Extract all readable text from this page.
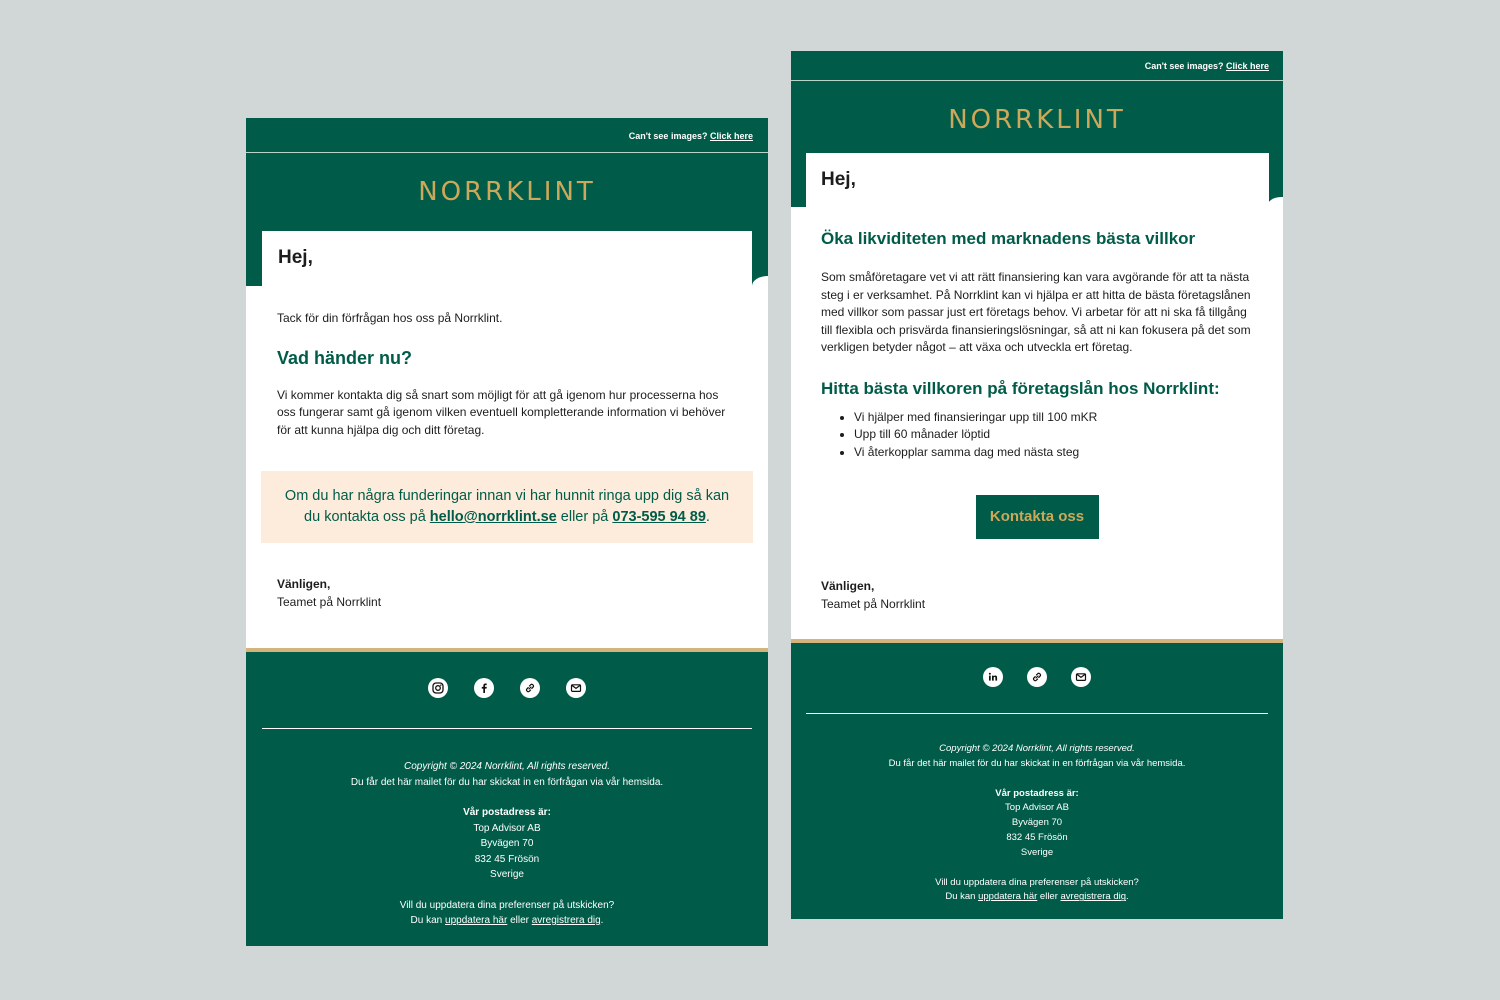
Can't see images? Click here
NORRKLINT
Hej,

Tack för din förfrågan hos oss på Norrklint.

Vad händer nu?

Vi kommer kontakta dig så snart som möjligt för att gå igenom hur processerna hos oss fungerar samt gå igenom vilken eventuell kompletterande information vi behöver för att kunna hjälpa dig och ditt företag.

Om du har några funderingar innan vi har hunnit ringa upp dig så kan du kontakta oss på hello@norrklint.se eller på 073-595 94 89.
Vänligen,
Teamet på Norrklint
Copyright © 2024 Norrklint, All rights reserved.
Du får det här mailet för du har skickat in en förfrågan via vår hemsida.
Vår postadress är:
Top Advisor AB
Byvägen 70
832 45 Frösön
Sverige
Vill du uppdatera dina preferenser på utskicken?
Du kan uppdatera här eller avregistrera dig.
Can't see images? Click here
NORRKLINT
Hej,
Öka likviditeten med marknadens bästa villkor

Som småföretagare vet vi att rätt finansiering kan vara avgörande för att ta nästa steg i er verksamhet. På Norrklint kan vi hjälpa er att hitta de bästa företagslånen med villkor som passar just ert företags behov. Vi arbetar för att ni ska få tillgång till flexibla och prisvärda finansieringslösningar, så att ni kan fokusera på det som verkligen betyder något – att växa och utveckla ert företag.

Hitta bästa villkoren på företagslån hos Norrklint:
• Vi hjälper med finansieringar upp till 100 mKR
• Upp till 60 månader löptid
• Vi återkopplar samma dag med nästa steg
Kontakta oss
Vänligen,
Teamet på Norrklint
Copyright © 2024 Norrklint, All rights reserved.
Du får det här mailet för du har skickat in en förfrågan via vår hemsida.
Vår postadress är:
Top Advisor AB
Byvägen 70
832 45 Frösön
Sverige
Vill du uppdatera dina preferenser på utskicken?
Du kan uppdatera här eller avregistrera dig.
